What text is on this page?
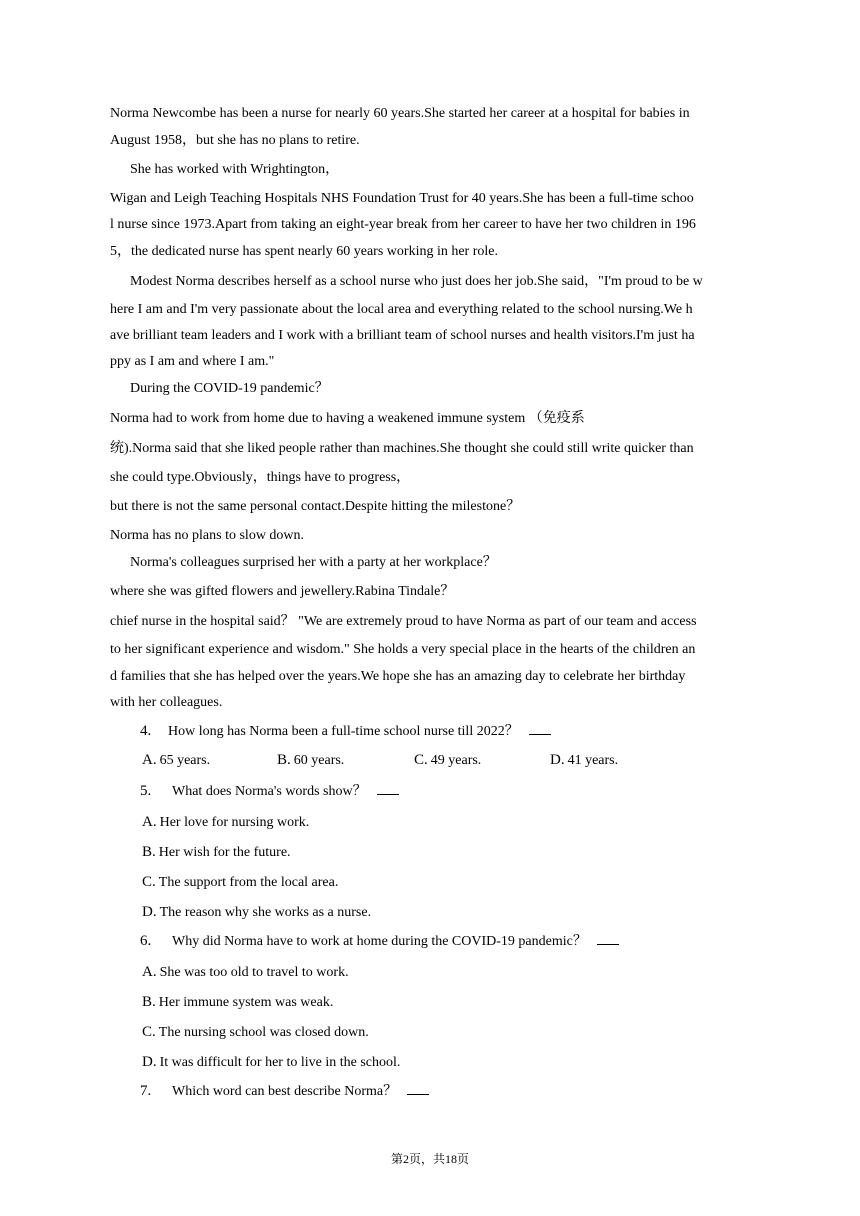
Norma Newcombe has been a nurse for nearly 60 years.She started her career at a hospital for babies in
August 1958，but she has no plans to retire.
She has worked with Wrightington，
Wigan and Leigh Teaching Hospitals NHS Foundation Trust for 40 years.She has been a full-time schoo
l nurse since 1973.Apart from taking an eight-year break from her career to have her two children in 196
5，the dedicated nurse has spent nearly 60 years working in her role.
Modest Norma describes herself as a school nurse who just does her job.She said，"I'm proud to be w
here I am and I'm very passionate about the local area and everything related to the school nursing.We h
ave brilliant team leaders and I work with a brilliant team of school nurses and health visitors.I'm just ha
ppy as I am and where I am."
During the COVID-19 pandemic？
Norma had to work from home due to having a weakened immune system （免疫系
统).Norma said that she liked people rather than machines.She thought she could still write quicker than
she could type.Obviously，things have to progress，
but there is not the same personal contact.Despite hitting the milestone？
Norma has no plans to slow down.
Norma's colleagues surprised her with a party at her workplace？
where she was gifted flowers and jewellery.Rabina Tindale？
chief nurse in the hospital said？ "We are extremely proud to have Norma as part of our team and access
to her significant experience and wisdom." She holds a very special place in the hearts of the children an
d families that she has helped over the years.We hope she has an amazing day to celebrate her birthday
with her colleagues.
4. How long has Norma been a full-time school nurse till 2022？
A. 65 years.	B. 60 years.	C. 49 years.	D. 41 years.
5. What does Norma's words show？
A. Her love for nursing work.
B. Her wish for the future.
C. The support from the local area.
D. The reason why she works as a nurse.
6. Why did Norma have to work at home during the COVID-19 pandemic？
A. She was too old to travel to work.
B. Her immune system was weak.
C. The nursing school was closed down.
D. It was difficult for her to live in the school.
7. Which word can best describe Norma？
第2页，共18页
